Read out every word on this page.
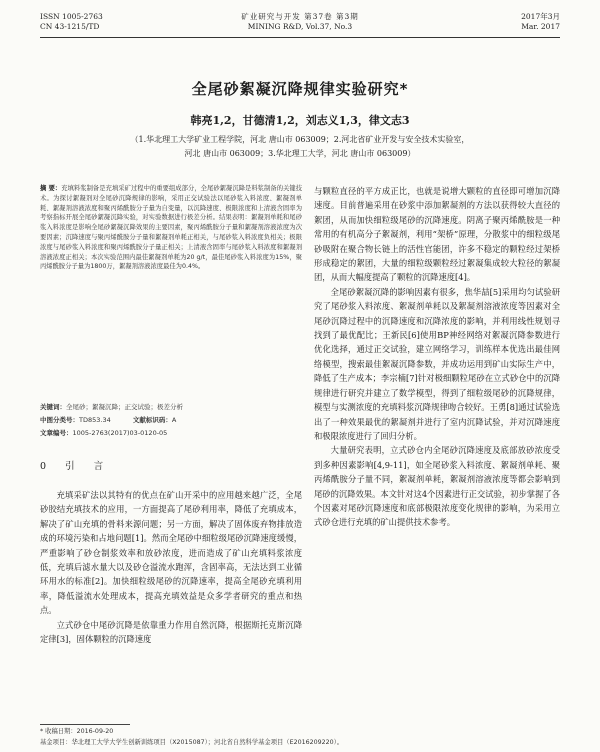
ISSN 1005-2763
CN 43-1215/TD
矿业研究与开发 第37卷 第3期
MINING R&D, Vol.37, No.3
2017年3月
Mar. 2017
全尾砂絮凝沉降规律实验研究*
韩亮1,2，甘德清1,2，刘志义1,3，律文志3
（1.华北理工大学矿业工程学院，河北 唐山市 063009；2.河北省矿业开发与安全技术实验室，
河北 唐山市 063009；3.华北理工大学，河北 唐山市 063009）
摘 要：充填料浆制备是充填采矿过程中的重要组成部分，全尾砂絮凝沉降是料浆制备的关键技术。为探讨絮凝剂对全尾砂沉降规律的影响，采用正交试验法以尾砂浆入料浓度、絮凝剂单耗、絮凝剂溶液浓度和聚丙烯酰胺分子量为自变量，以沉降速度、极限浓度和上清液含固率为考察指标开展全尾砂絮凝沉降实验，对实验数据进行极差分析。结果表明：絮凝剂单耗和尾砂浆入料浓度是影响全尾砂絮凝沉降效果的主要因素，聚丙烯酰胺分子量和絮凝剂溶液浓度为次要因素；沉降速度与聚丙烯酰胺分子量和絮凝剂单耗正相关，与尾砂浆入料浓度负相关；极限浓度与尾砂浆入料浓度和聚丙烯酰胺分子量正相关；上清液含固率与尾砂浆入料浓度和絮凝剂溶液浓度正相关；本次实验范围内最佳絮凝剂单耗为20 g/t，最佳尾砂浆入料浓度为15%，聚丙烯酰胺分子量为1800万，絮凝剂溶液浓度最佳为0.4%。
关键词：全尾砂；絮凝沉降；正交试验；极差分析
中图分类号：TD853.34	文献标识码：A
文章编号：1005-2763(2017)03-0120-05
0 引 言

充填采矿法以其特有的优点在矿山开采中的应用越来越广泛，全尾砂胶结充填技术的应用，一方面提高了尾砂利用率，降低了充填成本，解决了矿山充填的骨料来源问题；另一方面，解决了固体废弃物排放造成的环境污染和占地问题[1]。然而全尾砂中细粒级尾砂沉降速度缓慢，严重影响了砂仓制浆效率和放砂浓度，进而造成了矿山充填料浆浓度低，充填后滤水量大以及砂仓溢流水跑浑，含固率高，无法达到工业循环用水的标准[2]。加快细粒级尾砂的沉降速率，提高全尾砂充填利用率，降低溢流水处理成本，提高充填效益是众多学者研究的重点和热点。

立式砂仓中尾砂沉降是依靠重力作用自然沉降，根据斯托克斯沉降定律[3]，固体颗粒的沉降速度

与颗粒直径的平方成正比，也就是说增大颗粒的直径即可增加沉降速度。目前普遍采用在砂浆中添加絮凝剂的方法以获得较大直径的絮团，从而加快细粒级尾砂的沉降速度。阴离子聚丙烯酰胺是一种常用的有机高分子絮凝剂，利用“架桥”原理，分散浆中的细粒级尾砂吸附在聚合物长链上的活性官能团，许多不稳定的颗粒经过架桥形成稳定的絮团，大量的细粒级颗粒经过絮凝集成较大粒径的絮凝团，从而大幅度提高了颗粒的沉降速度[4]。

全尾砂絮凝沉降的影响因素有很多，焦华喆[5]采用均匀试验研究了尾砂浆入料浓度、絮凝剂单耗以及絮凝剂溶液浓度等因素对全尾砂沉降过程中的沉降速度和沉降浓度的影响，并利用线性规划寻找到了最优配比；王新民[6]使用BP神经网络对絮凝沉降参数进行优化选择，通过正交试验，建立网络学习，训练样本优选出最佳网络模型，搜索最佳絮凝沉降参数，并成功运用到矿山实际生产中，降低了生产成本；李宗楠[7]针对极细颗粒尾砂在立式砂仓中的沉降规律进行研究并建立了数学模型，得到了细粒级尾砂的沉降规律，模型与实测浓度的充填料浆沉降规律吻合较好。王勇[8]通过试验选出了一种效果最优的絮凝剂并进行了室内沉降试验，并对沉降速度和极限浓度进行了回归分析。

大量研究表明，立式砂仓内全尾砂沉降速度及底部放砂浓度受到多种因素影响[4,9-11]，如全尾砂浆入料浓度、絮凝剂单耗、聚丙烯酰胺分子量不同，絮凝剂单耗，絮凝剂溶液浓度等都会影响到尾砂的沉降效果。本文针对这4个因素进行正交试验，初步掌握了各个因素对尾砂沉降速度和底部极限浓度变化规律的影响，为采用立式砂仓进行充填的矿山提供技术参考。

* 收稿日期：2016-09-20
基金项目：华北理工大学大学生创新训练项目（X2015087）；河北省自然科学基金项目（E2016209220）。
